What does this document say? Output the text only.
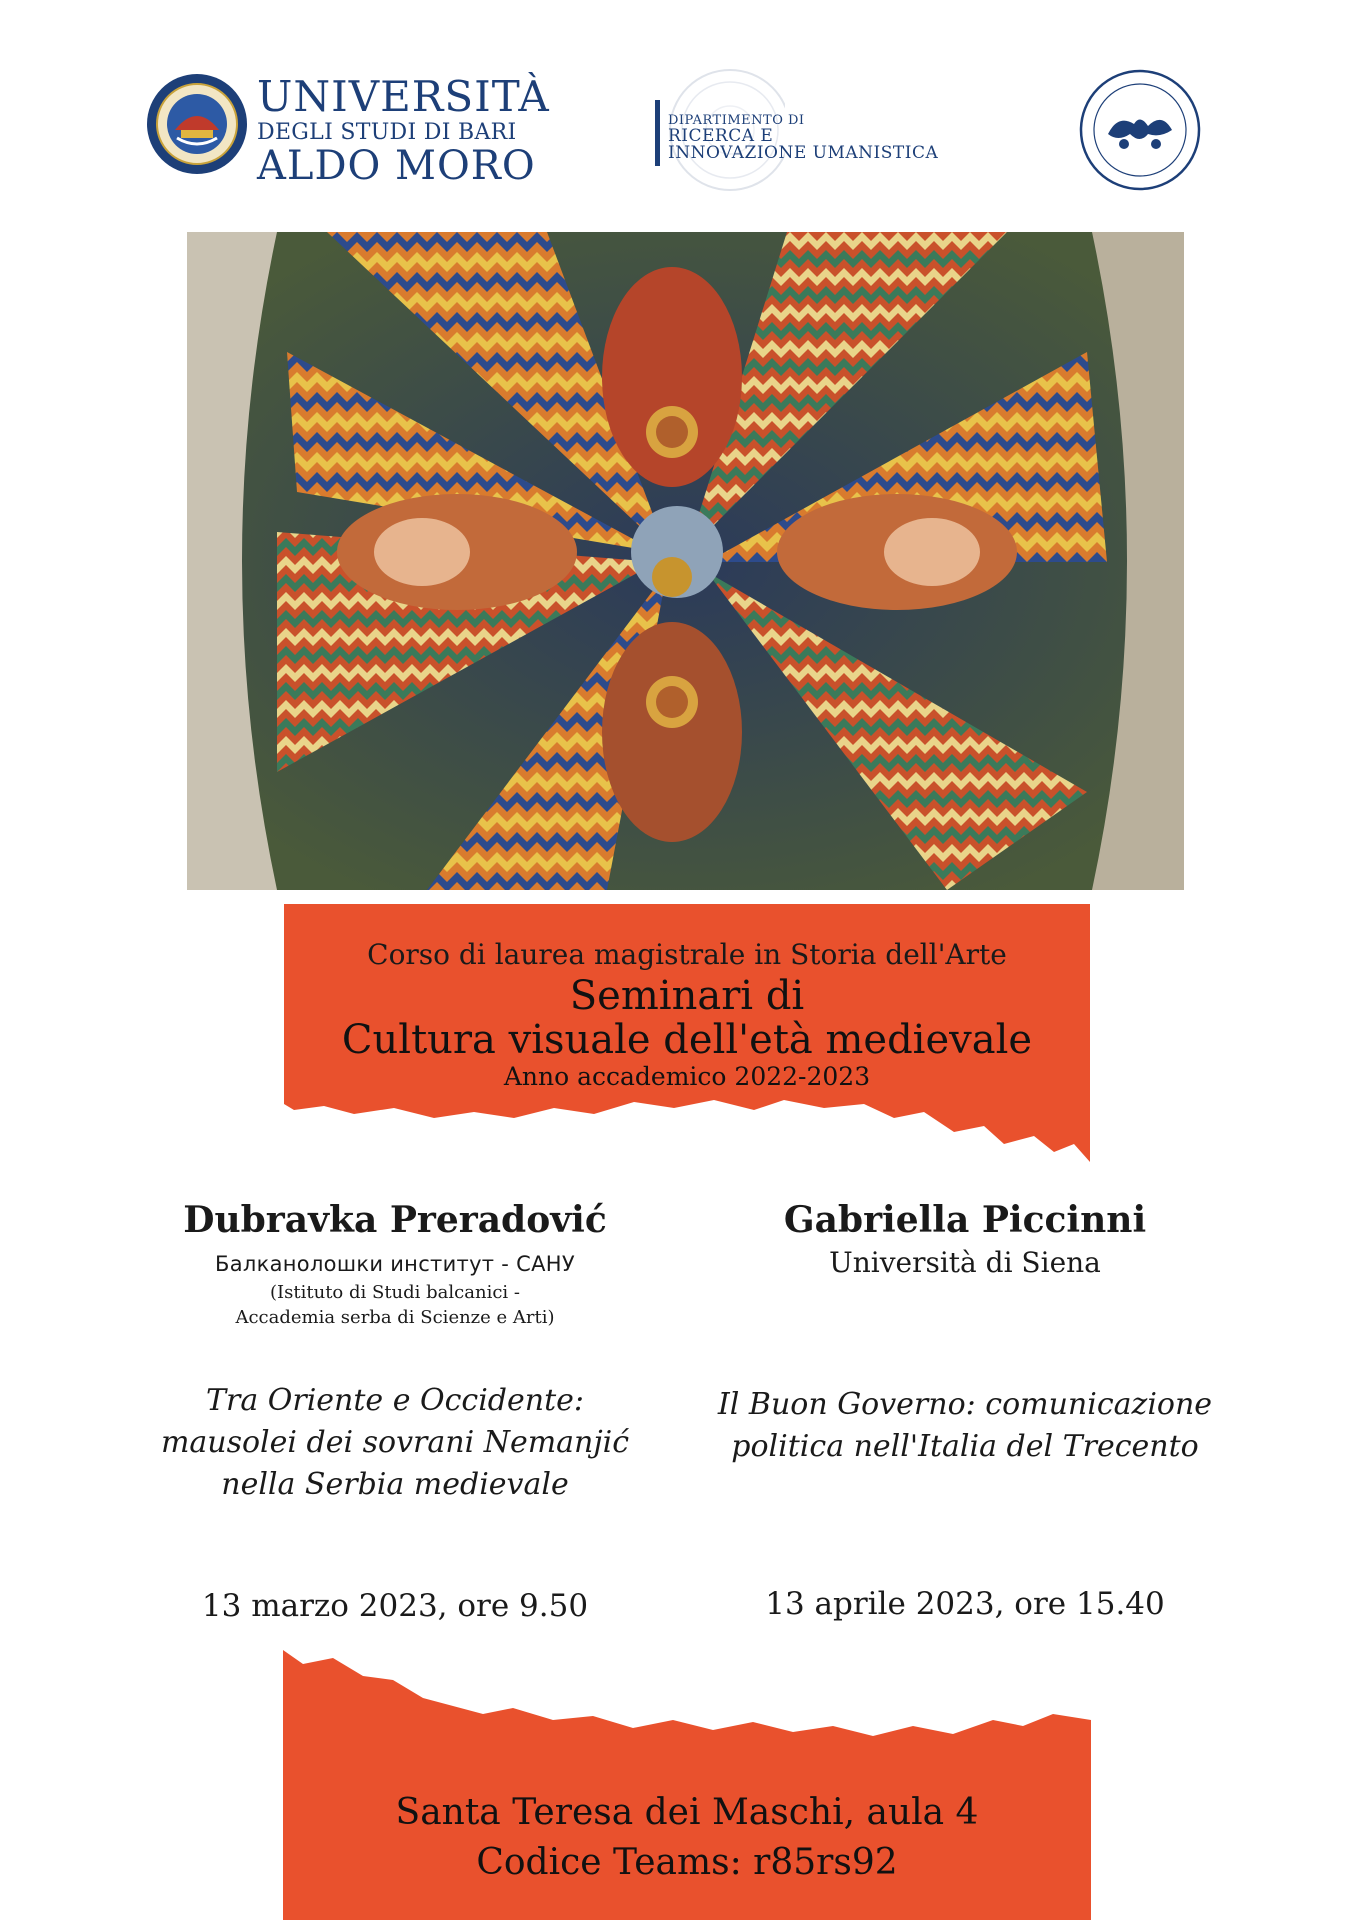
UNIVERSITÀ
DEGLI STUDI DI BARI
ALDO MORO
DIPARTIMENTO DI
RICERCA E
INNOVAZIONE UMANISTICA
Corso di laurea magistrale in Storia dell'Arte
Seminari di
Cultura visuale dell'età medievale
Anno accademico 2022-2023
Dubravka Preradović
Балканолошки институт - САНУ
(Istituto di Studi balcanici -
Accademia serba di Scienze e Arti)
Tra Oriente e Occidente:
mausolei dei sovrani Nemanjić
nella Serbia medievale
13 marzo 2023, ore 9.50
Gabriella Piccinni
Università di Siena
Il Buon Governo: comunicazione
politica nell'Italia del Trecento
13 aprile 2023, ore 15.40
Santa Teresa dei Maschi, aula 4
Codice Teams: r85rs92
